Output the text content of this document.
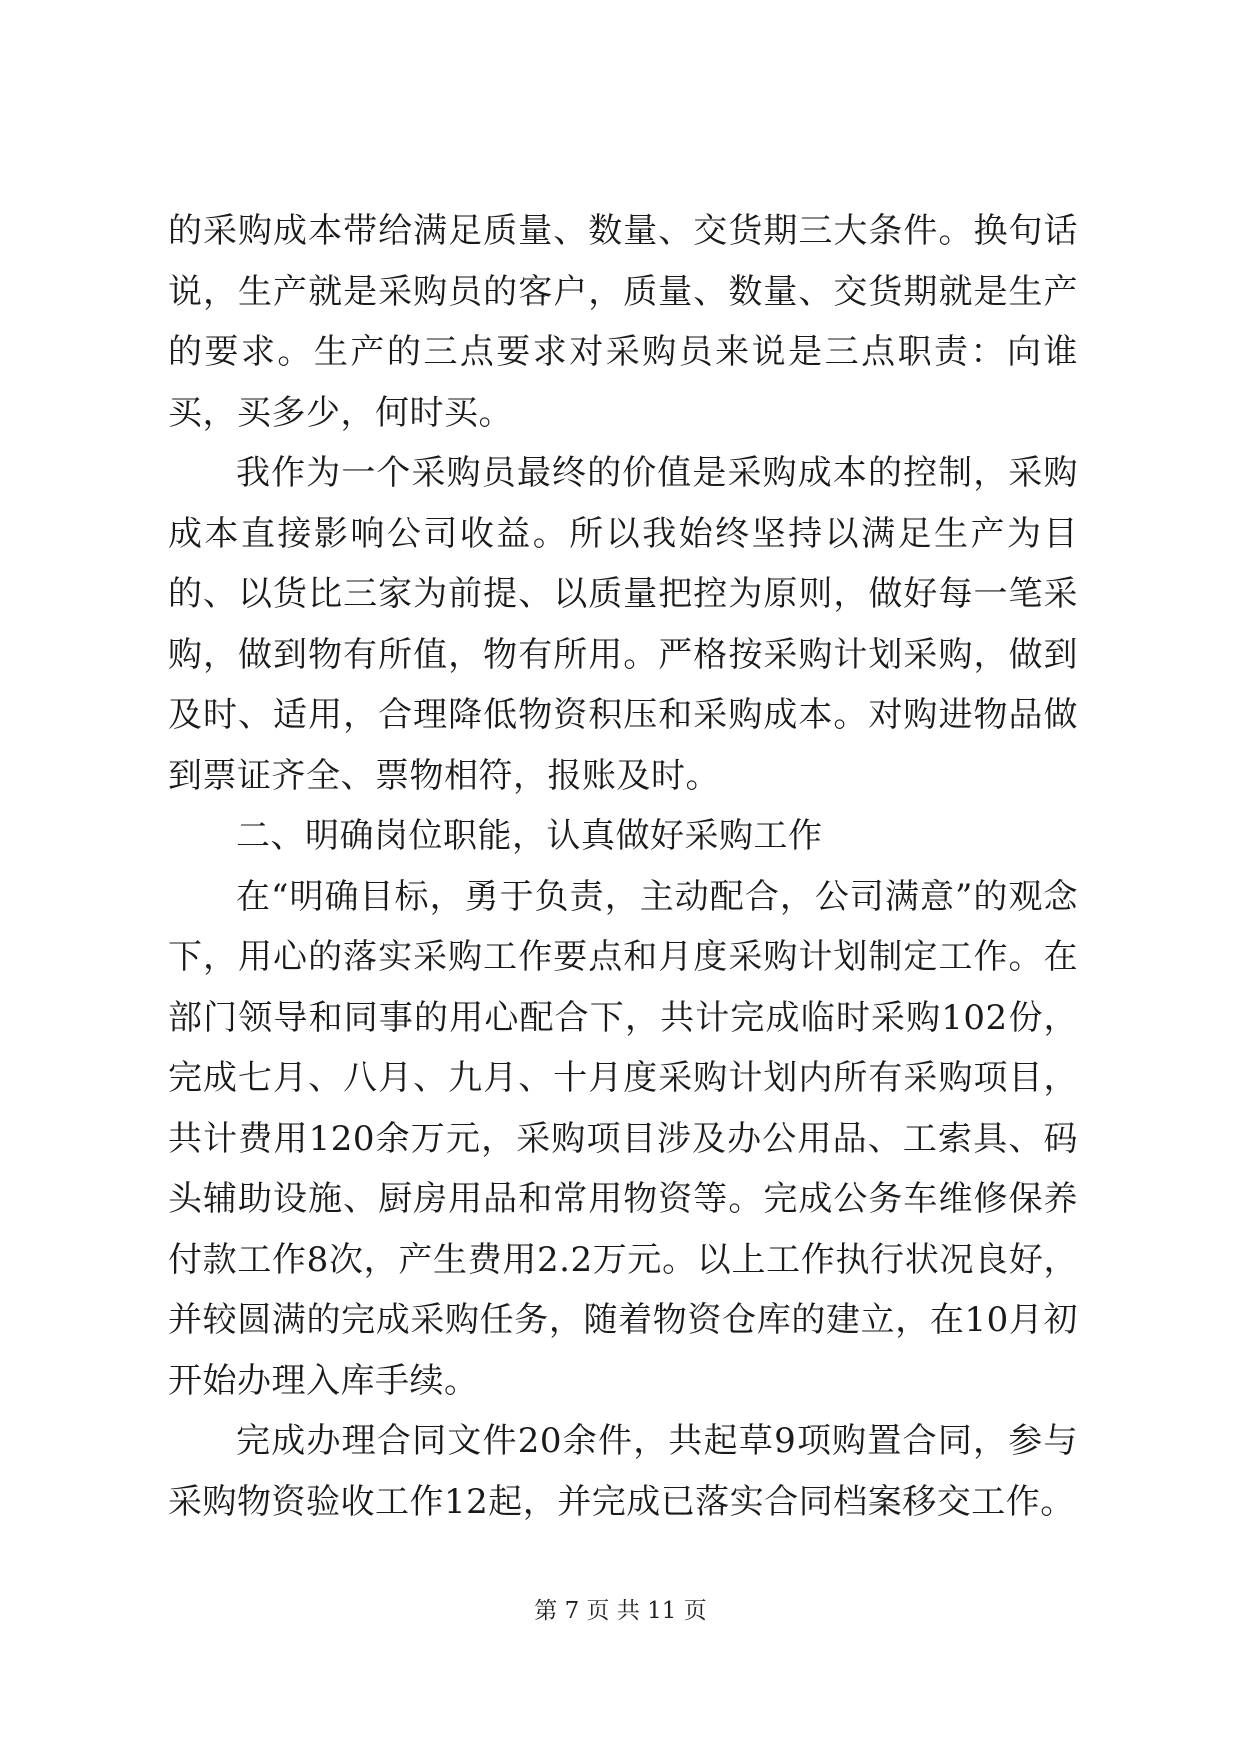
的采购成本带给满足质量、数量、交货期三大条件。换句话说，生产就是采购员的客户，质量、数量、交货期就是生产的要求。生产的三点要求对采购员来说是三点职责：向谁买，买多少，何时买。

我作为一个采购员最终的价值是采购成本的控制，采购成本直接影响公司收益。所以我始终坚持以满足生产为目的、以货比三家为前提、以质量把控为原则，做好每一笔采购，做到物有所值，物有所用。严格按采购计划采购，做到及时、适用，合理降低物资积压和采购成本。对购进物品做到票证齐全、票物相符，报账及时。

二、明确岗位职能，认真做好采购工作

在“明确目标，勇于负责，主动配合，公司满意”的观念下，用心的落实采购工作要点和月度采购计划制定工作。在部门领导和同事的用心配合下，共计完成临时采购102份，完成七月、八月、九月、十月度采购计划内所有采购项目，共计费用120余万元，采购项目涉及办公用品、工索具、码头辅助设施、厨房用品和常用物资等。完成公务车维修保养付款工作8次，产生费用2.2万元。以上工作执行状况良好，并较圆满的完成采购任务，随着物资仓库的建立，在10月初开始办理入库手续。

完成办理合同文件20余件，共起草9项购置合同，参与采购物资验收工作12起，并完成已落实合同档案移交工作。

第 7 页 共 11 页
